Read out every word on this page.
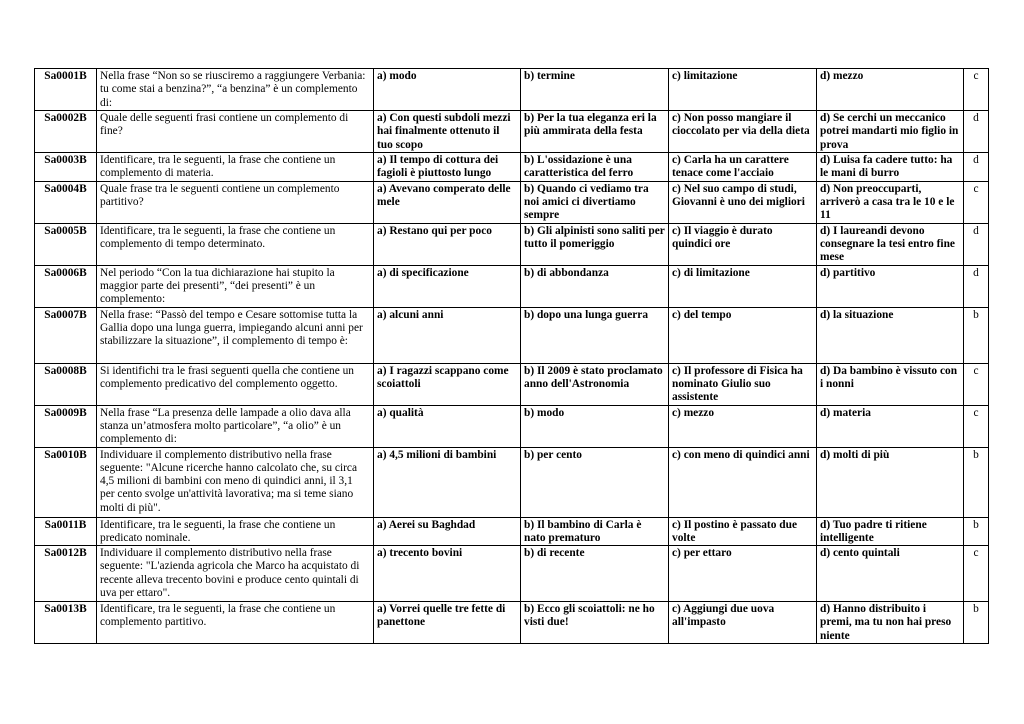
Sa0001B	Nella frase “Non so se riusciremo a raggiungere Verbania: tu come stai a benzina?”, “a benzina” è un complemento di:	a) modo	b) termine	c) limitazione	d) mezzo	c
Sa0002B	Quale delle seguenti frasi contiene un complemento di fine?	a) Con questi subdoli mezzi hai finalmente ottenuto il tuo scopo	b) Per la tua eleganza eri la più ammirata della festa	c) Non posso mangiare il cioccolato per via della dieta	d) Se cerchi un meccanico potrei mandarti mio figlio in prova	d
Sa0003B	Identificare, tra le seguenti, la frase che contiene un complemento di materia.	a) Il tempo di cottura dei fagioli è piuttosto lungo	b) L'ossidazione è una caratteristica del ferro	c) Carla ha un carattere tenace come l'acciaio	d) Luisa fa cadere tutto: ha le mani di burro	d
Sa0004B	Quale frase tra le seguenti contiene un complemento partitivo?	a) Avevano comperato delle mele	b) Quando ci vediamo tra noi amici ci divertiamo sempre	c) Nel suo campo di studi, Giovanni è uno dei migliori	d) Non preoccuparti, arriverò a casa tra le 10 e le 11	c
Sa0005B	Identificare, tra le seguenti, la frase che contiene un complemento di tempo determinato.	a) Restano qui per poco	b) Gli alpinisti sono saliti per tutto il pomeriggio	c) Il viaggio è durato quindici ore	d) I laureandi devono consegnare la tesi entro fine mese	d
Sa0006B	Nel periodo “Con la tua dichiarazione hai stupito la maggior parte dei presenti”, “dei presenti” è un complemento:	a) di specificazione	b) di abbondanza	c) di limitazione	d) partitivo	d
Sa0007B	Nella frase: “Passò del tempo e Cesare sottomise tutta la Gallia dopo una lunga guerra, impiegando alcuni anni per stabilizzare la situazione”, il complemento di tempo è:	a) alcuni anni	b) dopo una lunga guerra	c) del tempo	d) la situazione	b
Sa0008B	Si identifichi tra le frasi seguenti quella che contiene un complemento predicativo del complemento oggetto.	a) I ragazzi scappano come scoiattoli	b) Il 2009 è stato proclamato anno dell'Astronomia	c) Il professore di Fisica ha nominato Giulio suo assistente	d) Da bambino è vissuto con i nonni	c
Sa0009B	Nella frase “La presenza delle lampade a olio dava alla stanza un’atmosfera molto particolare”, “a olio” è un complemento di:	a) qualità	b) modo	c) mezzo	d) materia	c
Sa0010B	Individuare il complemento distributivo nella frase seguente: "Alcune ricerche hanno calcolato che, su circa 4,5 milioni di bambini con meno di quindici anni, il 3,1 per cento svolge un'attività lavorativa; ma si teme siano molti di più".	a) 4,5 milioni di bambini	b) per cento	c) con meno di quindici anni	d) molti di più	b
Sa0011B	Identificare, tra le seguenti, la frase che contiene un predicato nominale.	a) Aerei su Baghdad	b) Il bambino di Carla è nato prematuro	c) Il postino è passato due volte	d) Tuo padre ti ritiene intelligente	b
Sa0012B	Individuare il complemento distributivo nella frase seguente: "L'azienda agricola che Marco ha acquistato di recente alleva trecento bovini e produce cento quintali di uva per ettaro".	a) trecento bovini	b) di recente	c) per ettaro	d) cento quintali	c
Sa0013B	Identificare, tra le seguenti, la frase che contiene un complemento partitivo.	a) Vorrei quelle tre fette di panettone	b) Ecco gli scoiattoli: ne ho visti due!	c) Aggiungi due uova all'impasto	d) Hanno distribuito i premi, ma tu non hai preso niente	b
